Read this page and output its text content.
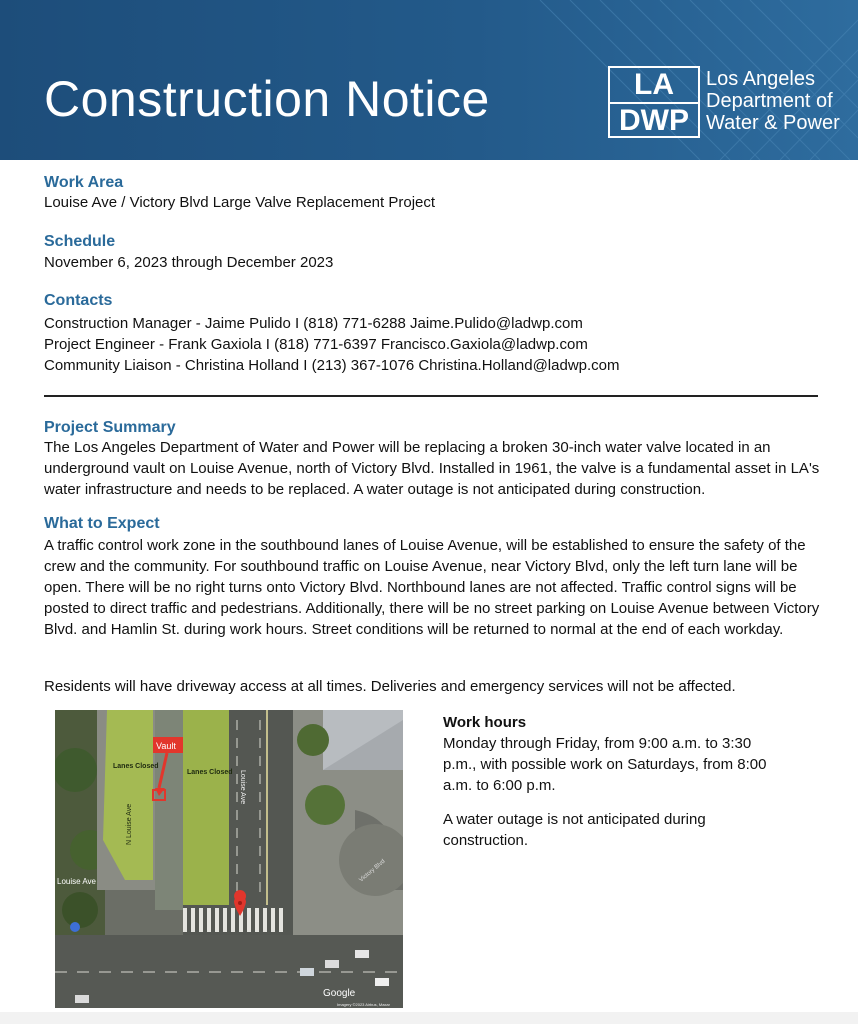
Construction Notice	LA
DWP
Los Angeles
Department of
Water & Power
Work Area
Louise Ave / Victory Blvd Large Valve Replacement Project
Schedule
November 6, 2023 through December 2023
Contacts
Construction Manager - Jaime Pulido I (818) 771-6288 Jaime.Pulido@ladwp.com
Project Engineer - Frank Gaxiola I (818) 771-6397 Francisco.Gaxiola@ladwp.com
Community Liaison - Christina Holland I (213) 367-1076 Christina.Holland@ladwp.com
Project Summary
The Los Angeles Department of Water and Power will be replacing a broken 30-inch water valve located in an underground vault on Louise Avenue, north of Victory Blvd. Installed in 1961, the valve is a fundamental asset in LA's water infrastructure and needs to be replaced. A water outage is not anticipated during construction.
What to Expect
A traffic control work zone in the southbound lanes of Louise Avenue, will be established to ensure the safety of the crew and the community. For southbound traffic on Louise Avenue, near Victory Blvd, only the left turn lane will be open. There will be no right turns onto Victory Blvd. Northbound lanes are not affected. Traffic control signs will be posted to direct traffic and pedestrians. Additionally, there will be no street parking on Louise Avenue between Victory Blvd. and Hamlin St. during work hours. Street conditions will be returned to normal at the end of each workday.
Residents will have driveway access at all times. Deliveries and emergency services will not be affected.
Vault
Lanes Closed
Lanes Closed
N Louise Ave
Louise Ave
Louise Ave	Victory Blvd
Google
Imagery ©2023 Airbus, Maxar
Work hours
Monday through Friday, from 9:00 a.m. to 3:30 p.m., with possible work on Saturdays, from 8:00 a.m. to 6:00 p.m.
A water outage is not anticipated during construction.
